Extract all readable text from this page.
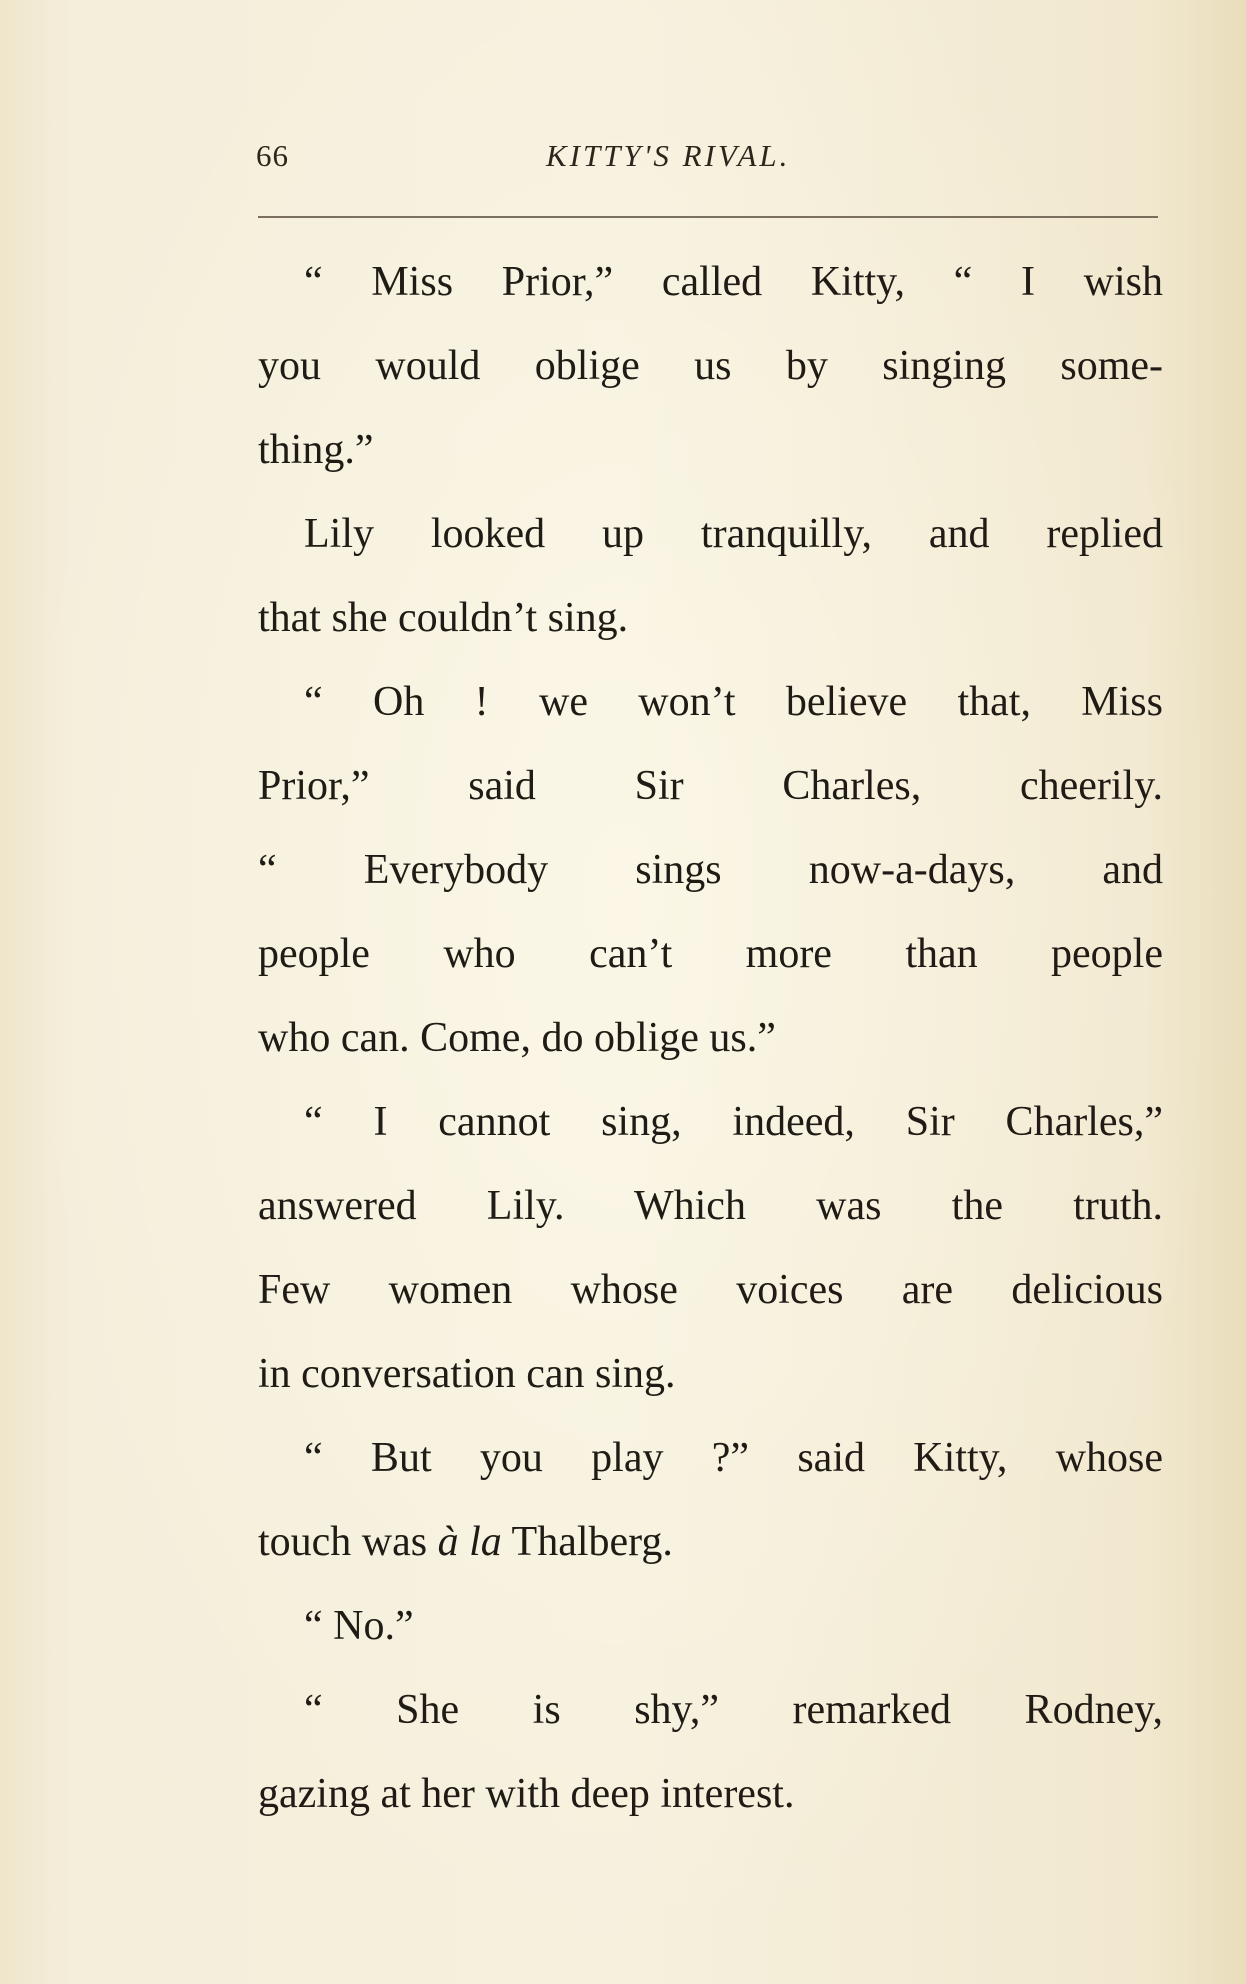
66	KITTY'S RIVAL.
“ Miss Prior,” called Kitty, “ I wish
you would oblige us by singing some-
thing.”
Lily looked up tranquilly, and replied
that she couldn’t sing.
“ Oh ! we won’t believe that, Miss
Prior,” said Sir Charles, cheerily.
“ Everybody sings now-a-days, and
people who can’t more than people
who can. Come, do oblige us.”
“ I cannot sing, indeed, Sir Charles,”
answered Lily. Which was the truth.
Few women whose voices are delicious
in conversation can sing.
“ But you play ?” said Kitty, whose
touch was à la Thalberg.
“ No.”
“ She is shy,” remarked Rodney,
gazing at her with deep interest.
